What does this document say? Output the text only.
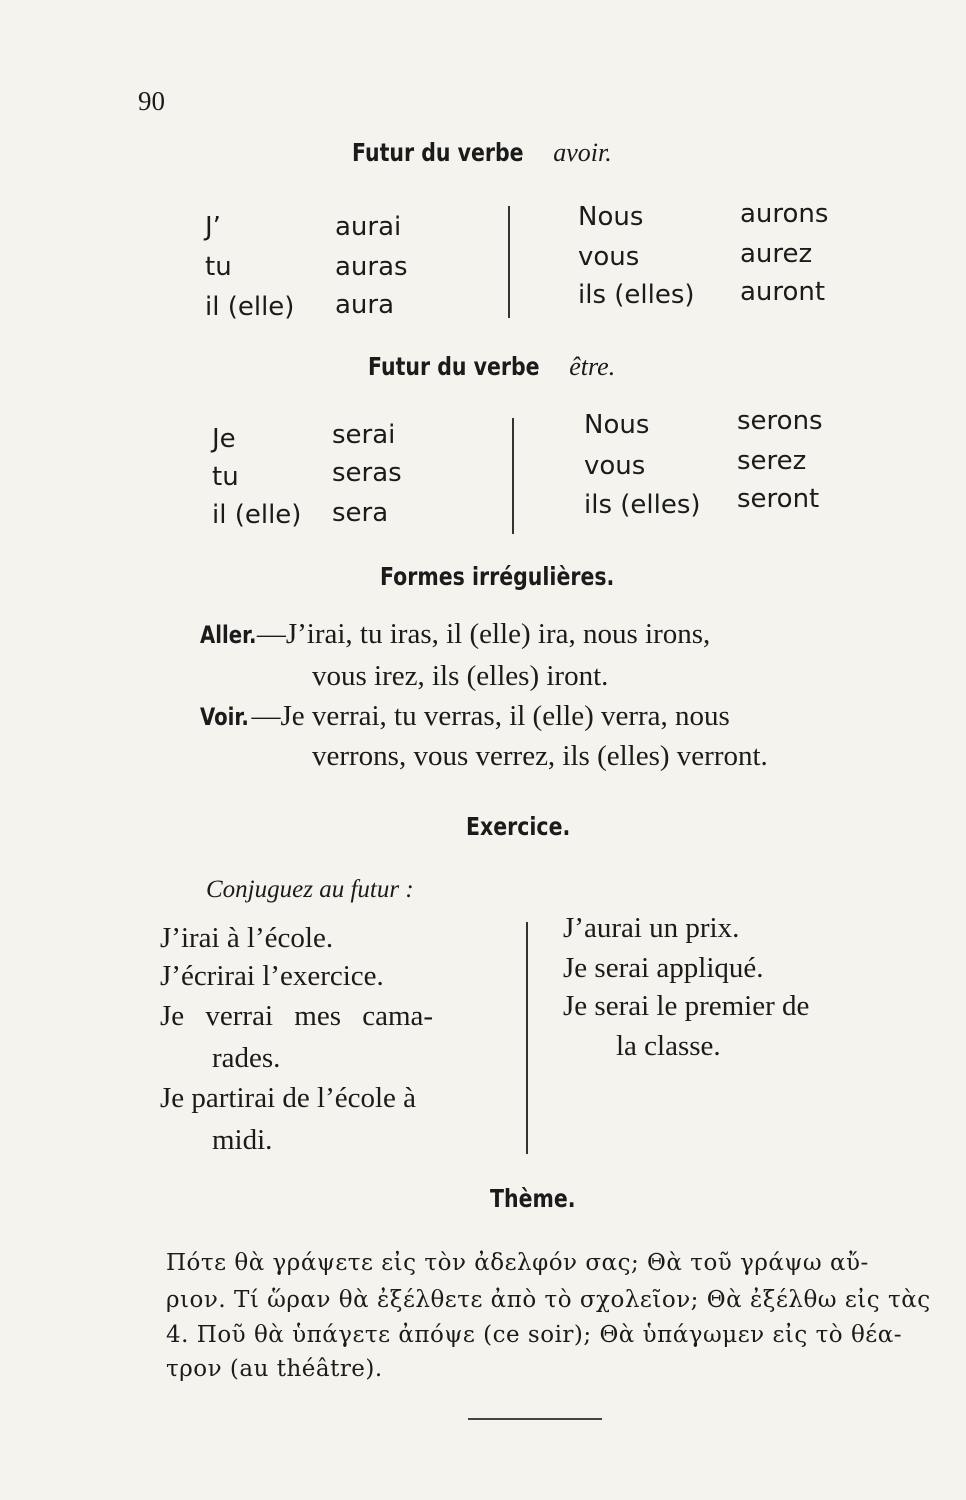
90
Futur du verbe avoir.
J’	aurai
tu	auras
il (elle) aura
Nous	aurons
vous	aurez
ils (elles) auront
Futur du verbe être.
Je	serai
tu	seras
il (elle) sera
Nous	serons
vous	serez
ils (elles) seront
Formes irrégulières.
Aller.—J’irai, tu iras, il (elle) ira, nous irons,
vous irez, ils (elles) iront.
Voir.—Je verrai, tu verras, il (elle) verra, nous
verrons, vous verrez, ils (elles) verront.
Exercice.
Conjuguez au futur :
J’irai à l’école.
J’écrirai l’exercice.
Je verrai mes cama-
rades.
Je partirai de l’école à
midi.
J’aurai un prix.
Je serai appliqué.
Je serai le premier de
la classe.
Thème.
Πότε θὰ γράψετε εἰς τὸν ἀδελφόν σας; Θὰ τοῦ γράψω αὔ-
ριον. Τί ὥραν θὰ ἐξέλθετε ἀπὸ τὸ σχολεῖον; Θὰ ἐξέλθω εἰς τὰς
4. Ποῦ θὰ ὑπάγετε ἀπόψε (ce soir); Θὰ ὑπάγωμεν εἰς τὸ θέα-
τρον (au théâtre).
